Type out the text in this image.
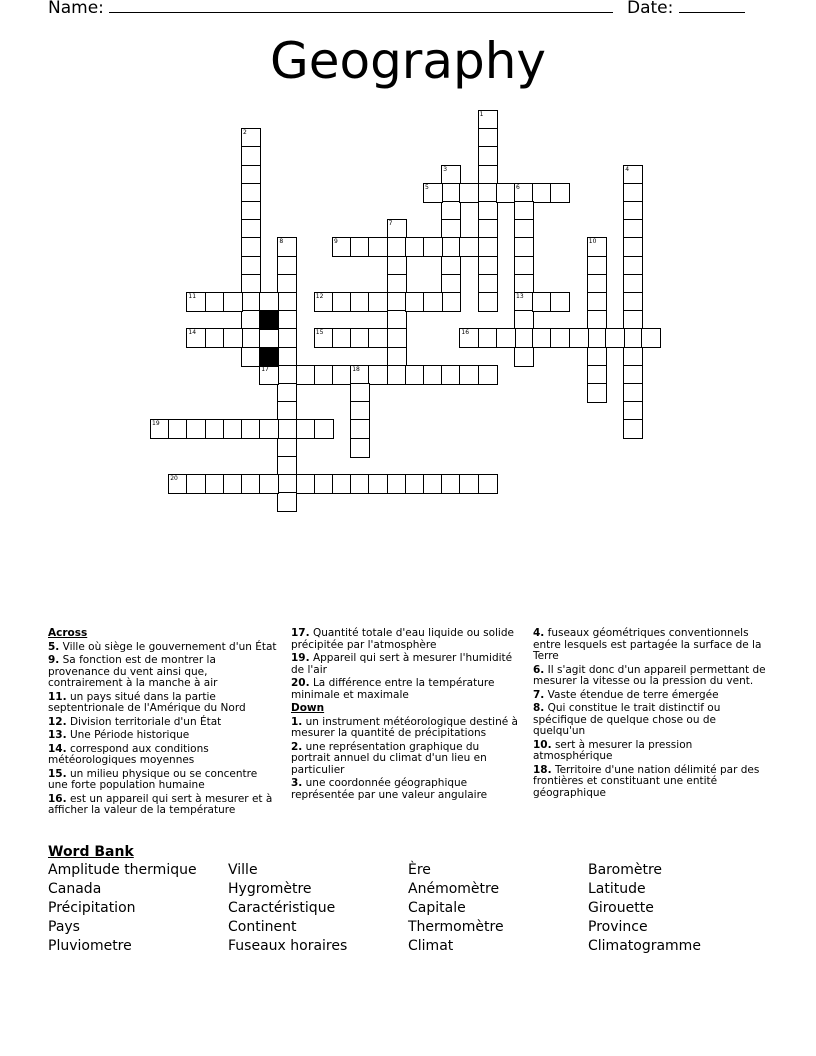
Name:	Date:
Geography
1
2
3	4
5	6
7
8	9	10
11	12	13
14	15	16
17	18
19
20
Across
5. Ville où siège le gouvernement d'un État
9. Sa fonction est de montrer la provenance du vent ainsi que, contrairement à la manche à air
11. un pays situé dans la partie septentrionale de l'Amérique du Nord
12. Division territoriale d'un État
13. Une Période historique
14. correspond aux conditions météorologiques moyennes
15. un milieu physique ou se concentre une forte population humaine
16. est un appareil qui sert à mesurer et à afficher la valeur de la température
17. Quantité totale d'eau liquide ou solide précipitée par l'atmosphère
19. Appareil qui sert à mesurer l'humidité de l'air
20. La différence entre la température minimale et maximale
Down
1. un instrument météorologique destiné à mesurer la quantité de précipitations
2. une représentation graphique du portrait annuel du climat d'un lieu en particulier
3. une coordonnée géographique représentée par une valeur angulaire
4. fuseaux géométriques conventionnels entre lesquels est partagée la surface de la Terre
6. Il s'agit donc d'un appareil permettant de mesurer la vitesse ou la pression du vent.
7. Vaste étendue de terre émergée
8. Qui constitue le trait distinctif ou spécifique de quelque chose ou de quelqu'un
10. sert à mesurer la pression atmosphérique
18. Territoire d'une nation délimité par des frontières et constituant une entité géographique
Word Bank
Amplitude thermique
Canada
Précipitation
Pays
Pluviometre
Ville
Hygromètre
Caractéristique
Continent
Fuseaux horaires
Ère
Anémomètre
Capitale
Thermomètre
Climat
Baromètre
Latitude
Girouette
Province
Climatogramme
